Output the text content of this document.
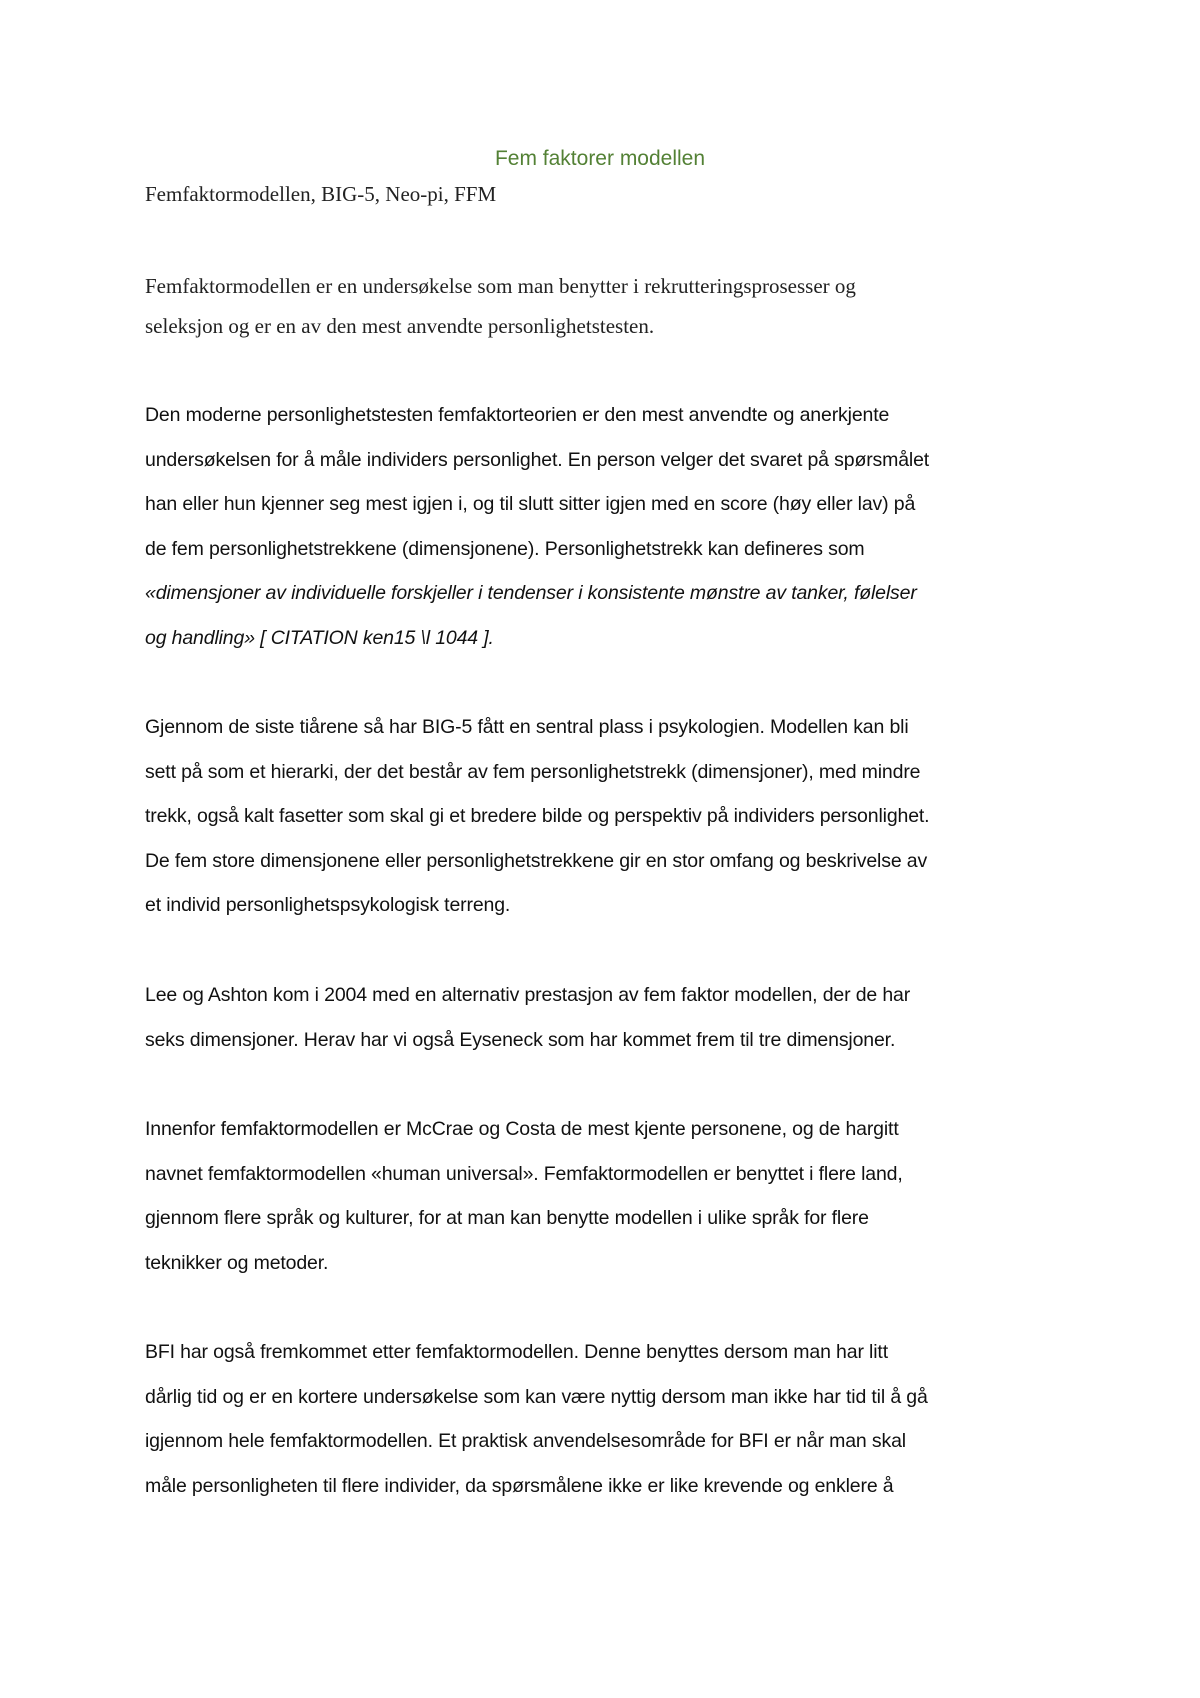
Fem faktorer modellen

Femfaktormodellen, BIG-5, Neo-pi, FFM

Femfaktormodellen er en undersøkelse som man benytter i rekrutteringsprosesser og
seleksjon og er en av den mest anvendte personlighetstesten.

Den moderne personlighetstesten femfaktorteorien er den mest anvendte og anerkjente
undersøkelsen for å måle individers personlighet. En person velger det svaret på spørsmålet
han eller hun kjenner seg mest igjen i, og til slutt sitter igjen med en score (høy eller lav) på
de fem personlighetstrekkene (dimensjonene). Personlighetstrekk kan defineres som
«dimensjoner av individuelle forskjeller i tendenser i konsistente mønstre av tanker, følelser
og handling» [ CITATION ken15 \l 1044 ].

Gjennom de siste tiårene så har BIG-5 fått en sentral plass i psykologien. Modellen kan bli
sett på som et hierarki, der det består av fem personlighetstrekk (dimensjoner), med mindre
trekk, også kalt fasetter som skal gi et bredere bilde og perspektiv på individers personlighet.
De fem store dimensjonene eller personlighetstrekkene gir en stor omfang og beskrivelse av
et individ personlighetspsykologisk terreng.

Lee og Ashton kom i 2004 med en alternativ prestasjon av fem faktor modellen, der de har
seks dimensjoner. Herav har vi også Eyseneck som har kommet frem til tre dimensjoner.

Innenfor femfaktormodellen er McCrae og Costa de mest kjente personene, og de hargitt
navnet femfaktormodellen «human universal». Femfaktormodellen er benyttet i flere land,
gjennom flere språk og kulturer, for at man kan benytte modellen i ulike språk for flere
teknikker og metoder.

BFI har også fremkommet etter femfaktormodellen. Denne benyttes dersom man har litt
dårlig tid og er en kortere undersøkelse som kan være nyttig dersom man ikke har tid til å gå
igjennom hele femfaktormodellen. Et praktisk anvendelsesområde for BFI er når man skal
måle personligheten til flere individer, da spørsmålene ikke er like krevende og enklere å
